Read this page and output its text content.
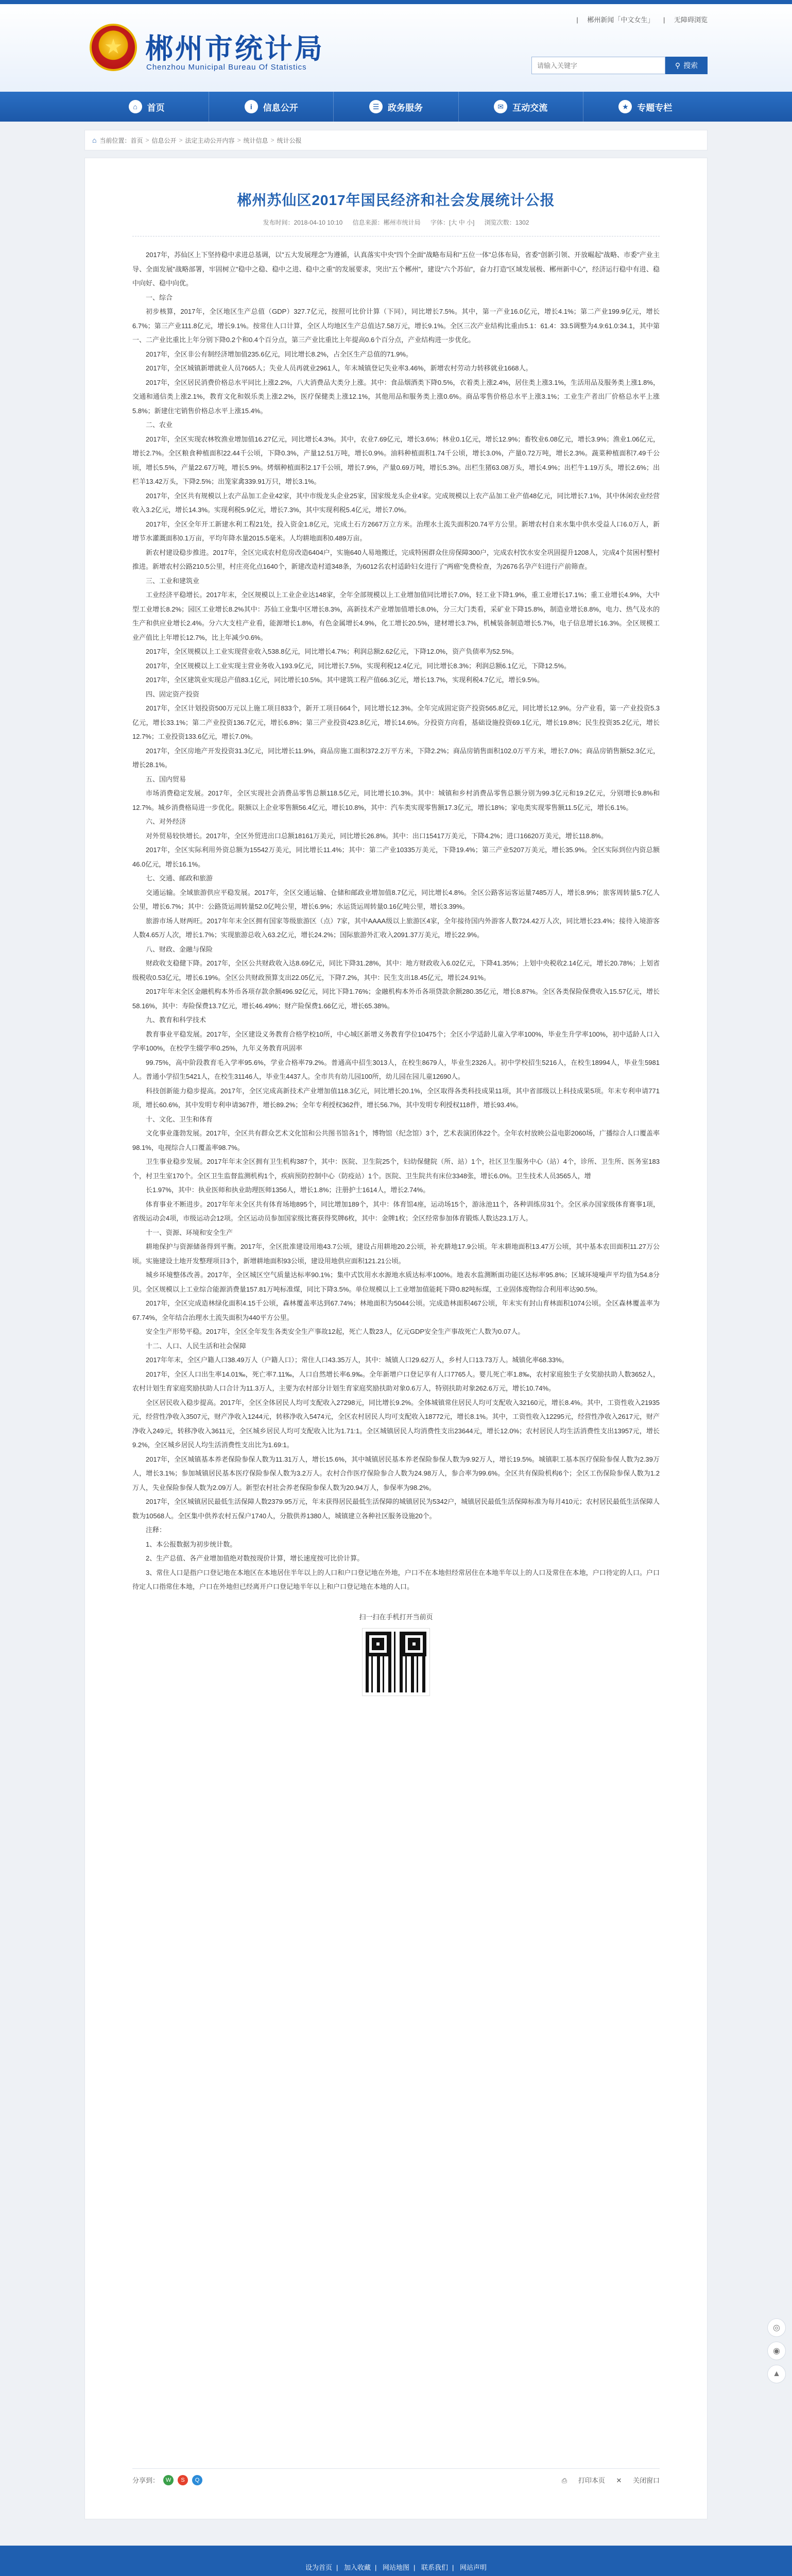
★
郴州市统计局
Chenzhou Municipal Bureau Of Statistics
| 郴州新闻「中文女生」 | 无障碍浏览
请输入关键字
⚲ 搜索
⌂	首页	i	信息公开	☰ 政务服务	✉	互动交流	★ 专题专栏
⌂ 当前位置： 首页 > 信息公开 > 法定主动公开内容 > 统计信息 > 统计公报
郴州苏仙区2017年国民经济和社会发展统计公报
发布时间：2018-04-10 10:10 信息来源：郴州市统计局 字体：[大 中 小] 浏览次数：1302

2017年，苏仙区上下坚持稳中求进总基调，以"五大发展理念"为遵循，认真落实中央"四个全面"战略布局和"五位一体"总体布局，省委"创新引领、开放崛起"战略、市委"产业主导、全面发展"战略部署，牢固树立"稳中之稳、稳中之进、稳中之重"的发展要求，突出"五个郴州"，建设"六个苏仙"，奋力打造"区域发展极、郴州新中心"，经济运行稳中有进、稳中向好、稳中向优。

一、综合

初步核算，2017年，全区地区生产总值（GDP）327.7亿元，按照可比价计算（下同），同比增长7.5%。其中，第一产业16.0亿元，增长4.1%；第二产业199.9亿元，增长6.7%；第三产业111.8亿元，增长9.1%。按常住人口计算，全区人均地区生产总值达7.58万元，增长9.1%。全区三次产业结构比重由5.1：61.4：33.5调整为4.9:61.0:34.1，其中第一、二产业比重比上年分别下降0.2个和0.4个百分点，第三产业比重比上年提高0.6个百分点，产业结构进一步优化。

2017年，全区非公有制经济增加值235.6亿元，同比增长8.2%，占全区生产总值的71.9%。

2017年，全区城镇新增就业人员7665人；失业人员再就业2961人，年末城镇登记失业率3.46%，新增农村劳动力转移就业1668人。

2017年，全区居民消费价格总水平同比上涨2.2%，八大消费品大类分上涨。其中：食品烟酒类下降0.5%，衣着类上涨2.4%，居住类上涨3.1%，生活用品及服务类上涨1.8%，交通和通信类上涨2.1%，教育文化和娱乐类上涨2.2%，医疗保健类上涨12.1%，其他用品和服务类上涨0.6%。商品零售价格总水平上涨3.1%；工业生产者出厂价格总水平上涨5.8%；新建住宅销售价格总水平上涨15.4%。

二、农业

2017年，全区实现农林牧渔业增加值16.27亿元，同比增长4.3%。其中，农业7.69亿元，增长3.6%；林业0.1亿元，增长12.9%；畜牧业6.08亿元，增长3.9%；渔业1.06亿元，增长2.7%。全区粮食种植面积22.44千公顷，下降0.3%，产量12.51万吨，增长0.9%。油料种植面积1.74千公顷，增长3.0%，产量0.72万吨，增长2.3%。蔬菜种植面积7.49千公顷，增长5.5%，产量22.67万吨，增长5.9%。烤烟种植面积2.17千公顷，增长7.9%，产量0.69万吨，增长5.3%。出栏生猪63.08万头，增长4.9%；出栏牛1.19万头，增长2.6%；出栏羊13.42万头，下降2.5%；出笼家禽339.91万只，增长3.1%。

2017年，全区共有规模以上农产品加工企业42家，其中市级龙头企业25家，国家级龙头企业4家。完成规模以上农产品加工业产值48亿元，同比增长7.1%，其中休闲农业经营收入3.2亿元，增长14.3%。实现利税5.9亿元，增长7.3%，其中实现利税5.4亿元，增长7.0%。

2017年，全区全年开工新建水利工程21处，投入资金1.8亿元，完成土石方2667万立方米。治理水土流失面积20.74平方公里。新增农村自来水集中供水受益人口6.0万人，新增节水灌溉面积0.1万亩，平均年降水量2015.5毫米。人均耕地面积0.489万亩。

新农村建设稳步推进。2017年，全区完成农村危房改造6404户，实施640人易地搬迁，完成特困群众住房保障300户，完成农村饮水安全巩固提升1208人，完成4个贫困村整村推进。新增农村公路210.5公里，村庄亮化点1640个，新建改造村道348条，为6012名农村适龄妇女进行了"两癌"免费检查，为2676名孕产妇进行产前筛查。

三、工业和建筑业

工业经济平稳增长。2017年末，全区规模以上工业企业达148家，全年全部规模以上工业增加值同比增长7.0%，轻工业下降1.9%，重工业增长17.1%；重工业增长4.9%，大中型工业增长8.2%；园区工业增长8.2%其中：苏仙工业集中区增长8.3%，高新技术产业增加值增长8.0%，分三大门类看，采矿业下降15.8%，制造业增长8.8%，电力、热气及水的生产和供应业增长2.4%。分六大支柱产业看，能源增长1.8%，有色金属增长4.9%，化工增长20.5%，建材增长3.7%，机械装备制造增长5.7%，电子信息增长16.3%。全区规模工业产值比上年增长12.7%，比上年减少0.6%。

2017年，全区规模以上工业实现营业收入538.8亿元，同比增长4.7%；利润总额2.62亿元，下降12.0%，资产负债率为52.5%。

2017年，全区规模以上工业实现主营业务收入193.9亿元，同比增长7.5%，实现利税12.4亿元，同比增长8.3%；利润总额6.1亿元，下降12.5%。

2017年，全区建筑业实现总产值83.1亿元，同比增长10.5%。其中建筑工程产值66.3亿元，增长13.7%，实现利税4.7亿元，增长9.5%。

四、固定资产投资

2017年，全区计划投资500万元以上施工项目833个，新开工项目664个，同比增长12.3%。全年完成固定资产投资565.8亿元，同比增长12.9%。分产业看，第一产业投资5.3亿元，增长33.1%；第二产业投资136.7亿元，增长6.8%；第三产业投资423.8亿元，增长14.6%。分投资方向看，基础设施投资69.1亿元，增长19.8%；民生投资35.2亿元，增长12.7%；工业投资133.6亿元，增长7.0%。

2017年，全区房地产开发投资31.3亿元，同比增长11.9%，商品房施工面积372.2万平方米，下降2.2%；商品房销售面积102.0万平方米，增长7.0%；商品房销售额52.3亿元，增长28.1%。

五、国内贸易

市场消费稳定发展。2017年，全区实现社会消费品零售总额118.5亿元，同比增长10.3%。其中：城镇和乡村消费品零售总额分别为99.3亿元和19.2亿元，分别增长9.8%和12.7%。城乡消费格局进一步优化。限额以上企业零售额56.4亿元，增长10.8%，其中：汽车类实现零售额17.3亿元，增长18%；家电类实现零售额11.5亿元，增长6.1%。

六、对外经济

对外贸易较快增长。2017年，全区外贸进出口总额18161万美元，同比增长26.8%。其中：出口15417万美元，下降4.2%；进口16620万美元，增长118.8%。

2017年，全区实际利用外资总额为15542万美元，同比增长11.4%；其中：第二产业10335万美元，下降19.4%；第三产业5207万美元，增长35.9%。全区实际到位内资总额46.0亿元，增长16.1%。

七、交通、邮政和旅游

交通运输。全域旅游供应平稳发展。2017年，全区交通运输、仓储和邮政业增加值8.7亿元，同比增长4.8%。全区公路客运客运量7485万人，增长8.9%；旅客周转量5.7亿人公里，增长6.7%；其中：公路货运周转量52.0亿吨公里，增长6.9%；水运货运周转量0.16亿吨公里，增长3.39%。

旅游市场人财两旺。2017年年末全区拥有国家等级旅游区（点）7家，其中AAAA级以上旅游区4家，全年接待国内外游客人数724.42万人次，同比增长23.4%；接待入境游客人数4.65万人次，增长1.7%；实现旅游总收入63.2亿元，增长24.2%；国际旅游外汇收入2091.37万美元，增长22.9%。

八、财政、金融与保险

财政收支稳健下降。2017年，全区公共财政收入达8.69亿元，同比下降31.28%，其中：地方财政收入6.02亿元，下降41.35%；上划中央税收2.14亿元，增长20.78%；上划省级税收0.53亿元，增长6.19%。全区公共财政预算支出22.05亿元，下降7.2%，其中：民生支出18.45亿元，增长24.91%。

2017年年末全区金融机构本外币各项存款余额496.92亿元，同比下降1.76%；金融机构本外币各项贷款余额280.35亿元，增长8.87%。全区各类保险保费收入15.57亿元，增长58.16%，其中：寿险保费13.7亿元，增长46.49%；财产险保费1.66亿元，增长65.38%。

九、教育和科学技术

教育事业平稳发展。2017年，全区建设义务教育合格学校10所，中心城区新增义务教育学位10475个；全区小学适龄儿童入学率100%，毕业生升学率100%，初中适龄人口入学率100%，在校学生辍学率0.25%，九年义务教育巩固率

99.75%，高中阶段教育毛入学率95.6%，学业合格率79.2%。普通高中招生3013人，在校生8679人，毕业生2326人。初中学校招生5216人，在校生18994人，毕业生5981人。普通小学招生5421人，在校生31146人，毕业生4437人。全市共有幼儿园100所，幼儿园在园儿童12690人。

科技创新能力稳步提高。2017年，全区完成高新技术产业增加值118.3亿元，同比增长20.1%，全区取得各类科技成果11项，其中省部级以上科技成果5项。年末专利申请771项，增长60.6%，其中发明专利申请367件，增长89.2%；全年专利授权362件，增长56.7%，其中发明专利授权118件，增长93.4%。

十、文化、卫生和体育

文化事业蓬勃发展。2017年，全区共有群众艺术文化馆和公共图书馆各1个，博物馆（纪念馆）3个，艺术表演团体22个。全年农村放映公益电影2060场，广播综合人口覆盖率98.1%，电视综合人口覆盖率98.7%。

卫生事业稳步发展。2017年年末全区拥有卫生机构387个，其中：医院、卫生院25个，妇幼保健院（所、站）1个，社区卫生服务中心（站）4个，诊所、卫生所、医务室183个，村卫生室170个。全区卫生监督监测机构1个，疾病预防控制中心（防疫站）1个。医院、卫生院共有床位3348张，增长6.0%。卫生技术人员3565人，增

长1.97%，其中：执业医师和执业助理医师1356人，增长1.8%；注册护士1614人，增长2.74%。

体育事业不断进步。2017年年末全区共有体育场地895个，同比增加189个，其中：体育馆4座，运动场15个，游泳池11个，各种训练房31个。全区承办国家级体育赛事1项，省级运动会4项，市级运动会12项。全区运动员参加国家级比赛获得奖牌6枚，其中：金牌1枚；全区经常参加体育锻炼人数达23.1万人。

十一、资源、环境和安全生产

耕地保护与资源储备得到平衡。2017年，全区批准建设用地43.7公顷，建设占用耕地20.2公顷，补充耕地17.9公顷。年末耕地面积13.47万公顷，其中基本农田面积11.27万公顷。实施建设土地开发整理项目3个，新增耕地面积93公顷，建设用地供应面积121.21公顷。

城乡环境整体改善。2017年，全区城区空气质量达标率90.1%；集中式饮用水水源地水质达标率100%。地表水监测断面功能区达标率95.8%；区域环境噪声平均值为54.8分贝。全区规模以上工业综合能源消费量157.81万吨标准煤，同比下降3.5%。单位规模以上工业增加值能耗下降0.82吨标煤，工业固体废物综合利用率达90.5%。

2017年，全区完成造林绿化面积4.15千公顷，森林覆盖率达到67.74%；林地面积为5044公顷。完成造林面积467公顷，年末实有封山育林面积1074公顷。全区森林覆盖率为67.74%，全年结合治理水土流失面积为440平方公里。

安全生产形势平稳。2017年，全区全年发生各类安全生产事故12起，死亡人数23人，亿元GDP安全生产事故死亡人数为0.07人。

十二、人口、人民生活和社会保障

2017年年末，全区户籍人口38.49万人（户籍人口）；常住人口43.35万人，其中：城镇人口29.62万人，乡村人口13.73万人。城镇化率68.33%。

2017年，全区人口出生率14.01‰，死亡率7.11‰，人口自然增长率6.9‰。全年新增户口登记享有人口7765人。婴儿死亡率1.8‰，农村家庭独生子女奖励扶助人数3652人，农村计划生育家庭奖励扶助人口合计为11.3万人，主要为农村部分计划生育家庭奖励扶助对象0.6万人，特别扶助对象262.6万元，增长10.74%。

全区居民收入稳步提高。2017年，全区全体居民人均可支配收入27298元，同比增长9.2%。全体城镇常住居民人均可支配收入32160元，增长8.4%。其中，工资性收入21935元，经营性净收入3507元，财产净收入1244元，转移净收入5474元，全区农村居民人均可支配收入18772元，增长8.1%。其中，工资性收入12295元，经营性净收入2617元，财产净收入249元，转移净收入3611元，全区城乡居民人均可支配收入比为1.71:1。全区城镇居民人均消费性支出23644元，增长12.0%；农村居民人均生活消费性支出13957元，增长9.2%，全区城乡居民人均生活消费性支出比为1.69:1。

2017年，全区城镇基本养老保险参保人数为11.31万人，增长15.6%，其中城镇居民基本养老保险参保人数为9.92万人，增长19.5%。城镇职工基本医疗保险参保人数为2.39万人，增长3.1%；参加城镇居民基本医疗保险参保人数为3.2万人。农村合作医疗保险参合人数为24.98万人，参合率为99.6%。全区共有保险机构6个；全区工伤保险参保人数为1.2万人，失业保险参保人数为2.09万人。新型农村社会养老保险参保人数为20.94万人，参保率为98.2%。

2017年，全区城镇居民最低生活保障人数2379.95万元，年末获得居民最低生活保障的城镇居民为5342户，城镇居民最低生活保障标准为每月410元；农村居民最低生活保障人数为10568人。全区集中供养农村五保户1740人，分散供养1380人，城镇建立各种社区服务设施20个。

注释：

1、本公报数据为初步统计数。

2、生产总值、各产业增加值绝对数按现价计算，增长速度按可比价计算。

3、常住人口是指户口登记地在本地区在本地居住半年以上的人口和户口登记地在外地，户口不在本地但经常居住在本地半年以上的人口及常住在本地，户口待定的人口。户口待定人口指常住本地，户口在外地但已经离开户口登记地半年以上和户口登记地在本地的人口。

扫一扫在手机打开当前页
分享到：	W	S	Q	⎙ 打印本页 ✕ 关闭窗口
◎
◉
▲
设为首页 | 加入收藏 | 网站地图 | 联系我们 | 网站声明
